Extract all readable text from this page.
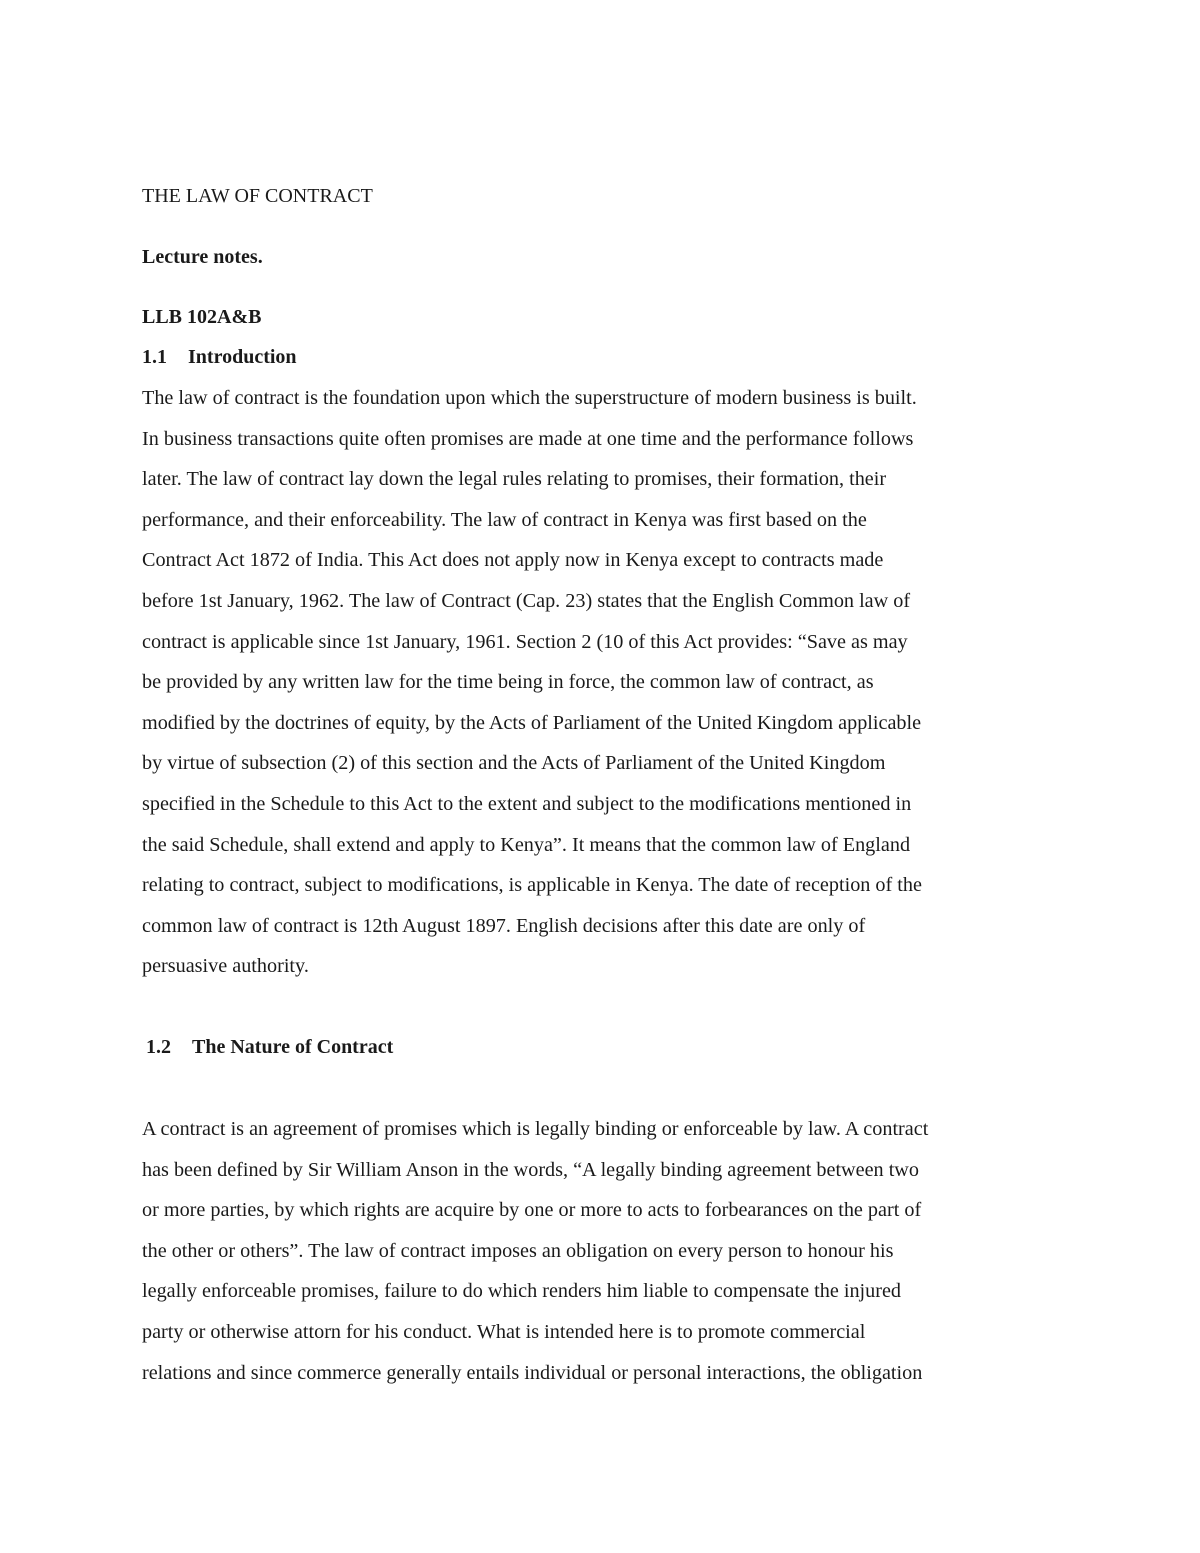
THE LAW OF CONTRACT

Lecture notes.

LLB 102A&B

1.1 Introduction

The law of contract is the foundation upon which the superstructure of modern business is built.
In business transactions quite often promises are made at one time and the performance follows
later. The law of contract lay down the legal rules relating to promises, their formation, their
performance, and their enforceability. The law of contract in Kenya was first based on the
Contract Act 1872 of India. This Act does not apply now in Kenya except to contracts made
before 1st January, 1962. The law of Contract (Cap. 23) states that the English Common law of
contract is applicable since 1st January, 1961. Section 2 (10 of this Act provides: “Save as may
be provided by any written law for the time being in force, the common law of contract, as
modified by the doctrines of equity, by the Acts of Parliament of the United Kingdom applicable
by virtue of subsection (2) of this section and the Acts of Parliament of the United Kingdom
specified in the Schedule to this Act to the extent and subject to the modifications mentioned in
the said Schedule, shall extend and apply to Kenya”. It means that the common law of England
relating to contract, subject to modifications, is applicable in Kenya. The date of reception of the
common law of contract is 12th August 1897. English decisions after this date are only of
persuasive authority.

1.2 The Nature of Contract

A contract is an agreement of promises which is legally binding or enforceable by law. A contract
has been defined by Sir William Anson in the words, “A legally binding agreement between two
or more parties, by which rights are acquire by one or more to acts to forbearances on the part of
the other or others”. The law of contract imposes an obligation on every person to honour his
legally enforceable promises, failure to do which renders him liable to compensate the injured
party or otherwise attorn for his conduct. What is intended here is to promote commercial
relations and since commerce generally entails individual or personal interactions, the obligation
